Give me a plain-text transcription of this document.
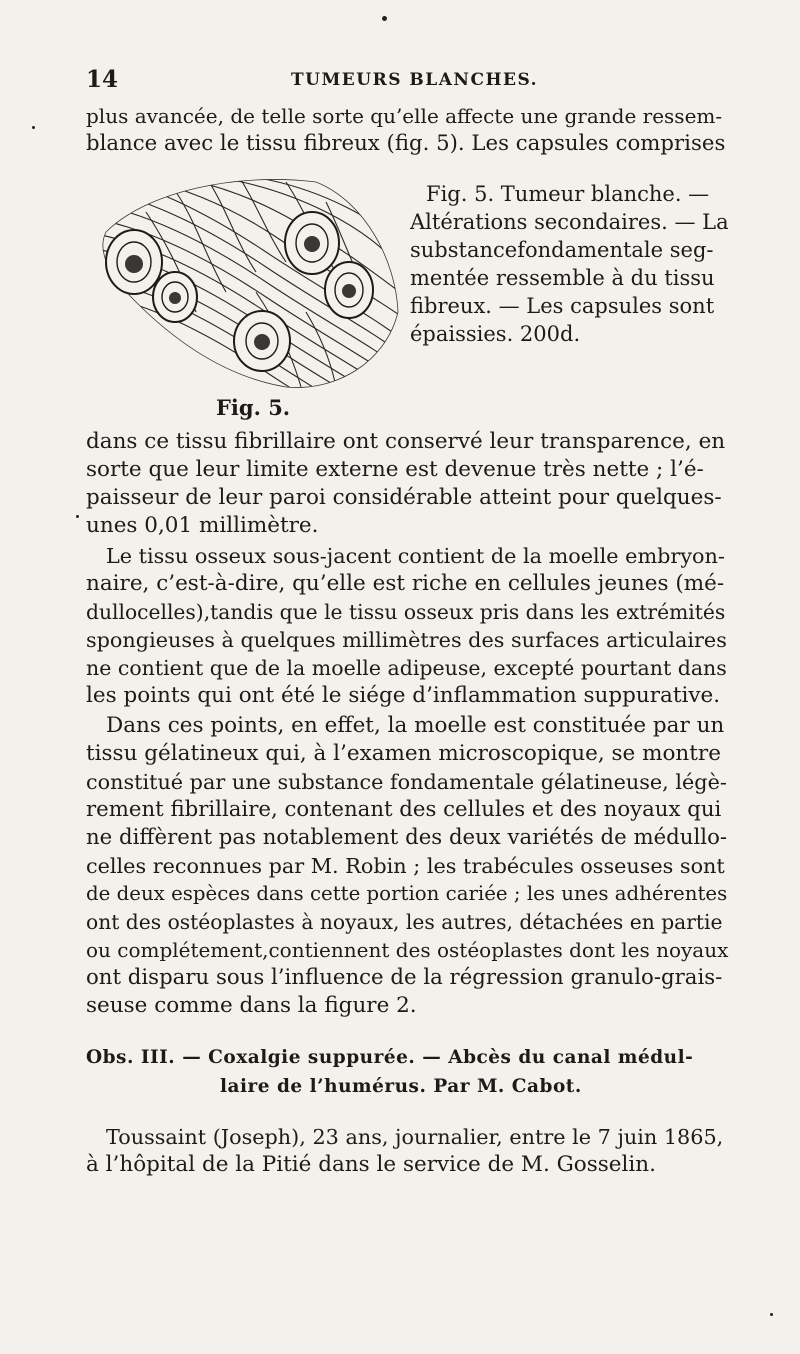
14	TUMEURS BLANCHES.
plus avancée, de telle sorte qu’elle affecte une grande ressem-
blance avec le tissu fibreux (fig. 5). Les capsules comprises
Fig. 5. Tumeur blanche. —
Altérations secondaires. — La
substancefondamentale seg-
mentée ressemble à du tissu
fibreux. — Les capsules sont
épaissies. 200d.
Fig. 5.
dans ce tissu fibrillaire ont conservé leur transparence, en
sorte que leur limite externe est devenue très nette ; l’é-
paisseur de leur paroi considérable atteint pour quelques-
unes 0,01 millimètre.
Le tissu osseux sous-jacent contient de la moelle embryon-
naire, c’est-à-dire, qu’elle est riche en cellules jeunes (mé-
dullocelles),tandis que le tissu osseux pris dans les extrémités
spongieuses à quelques millimètres des surfaces articulaires
ne contient que de la moelle adipeuse, excepté pourtant dans
les points qui ont été le siége d’inflammation suppurative.
Dans ces points, en effet, la moelle est constituée par un
tissu gélatineux qui, à l’examen microscopique, se montre
constitué par une substance fondamentale gélatineuse, légè-
rement fibrillaire, contenant des cellules et des noyaux qui
ne diffèrent pas notablement des deux variétés de médullo-
celles reconnues par M. Robin ; les trabécules osseuses sont
de deux espèces dans cette portion cariée ; les unes adhérentes
ont des ostéoplastes à noyaux, les autres, détachées en partie
ou complétement,contiennent des ostéoplastes dont les noyaux
ont disparu sous l’influence de la régression granulo-grais-
seuse comme dans la figure 2.
Obs. III. — Coxalgie suppurée. — Abcès du canal médul-
laire de l’humérus. Par M. Cabot.
Toussaint (Joseph), 23 ans, journalier, entre le 7 juin 1865,
à l’hôpital de la Pitié dans le service de M. Gosselin.
